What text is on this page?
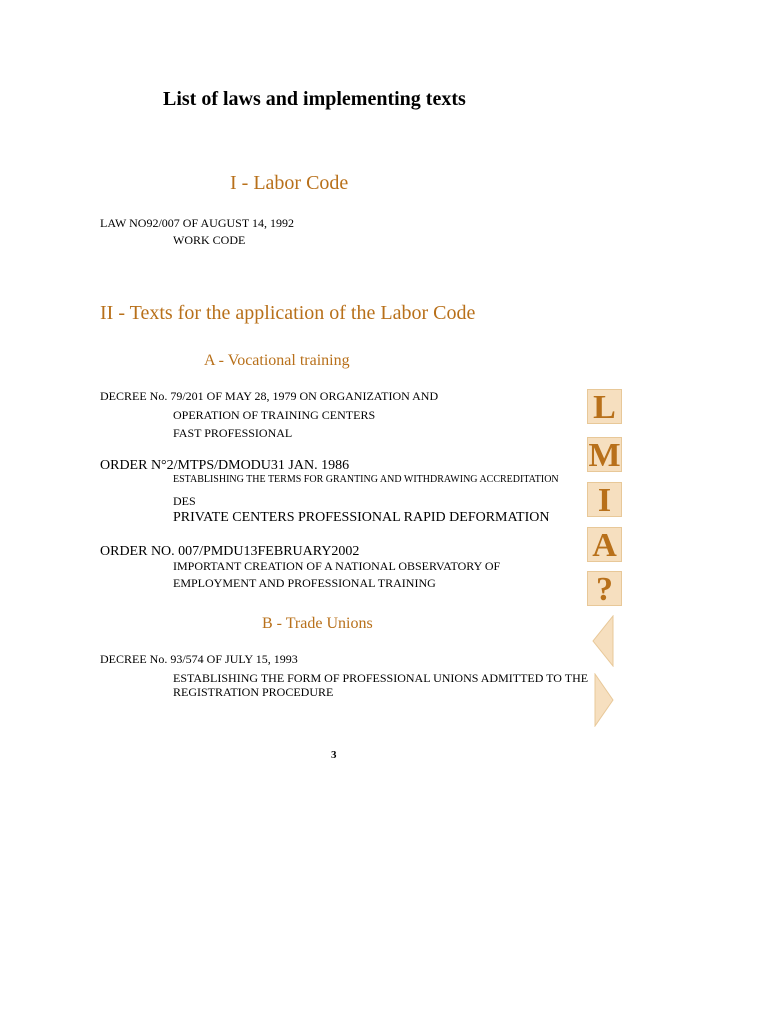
List of laws and implementing texts
I - Labor Code
LAW NO92/007 OF AUGUST 14, 1992
WORK CODE
II - Texts for the application of the Labor Code
A - Vocational training
DECREE No. 79/201 OF MAY 28, 1979 ON ORGANIZATION AND
OPERATION OF TRAINING CENTERS
FAST PROFESSIONAL
ORDER N°2/MTPS/DMODU31 JAN. 1986
ESTABLISHING THE TERMS FOR GRANTING AND WITHDRAWING ACCREDITATION
DES
PRIVATE CENTERS PROFESSIONAL RAPID DEFORMATION
ORDER NO. 007/PMDU13FEBRUARY2002
IMPORTANT CREATION OF A NATIONAL OBSERVATORY OF
EMPLOYMENT AND PROFESSIONAL TRAINING
B - Trade Unions
DECREE No. 93/574 OF JULY 15, 1993
ESTABLISHING THE FORM OF PROFESSIONAL UNIONS ADMITTED TO THE
REGISTRATION PROCEDURE
3
L
M
I
A
?
